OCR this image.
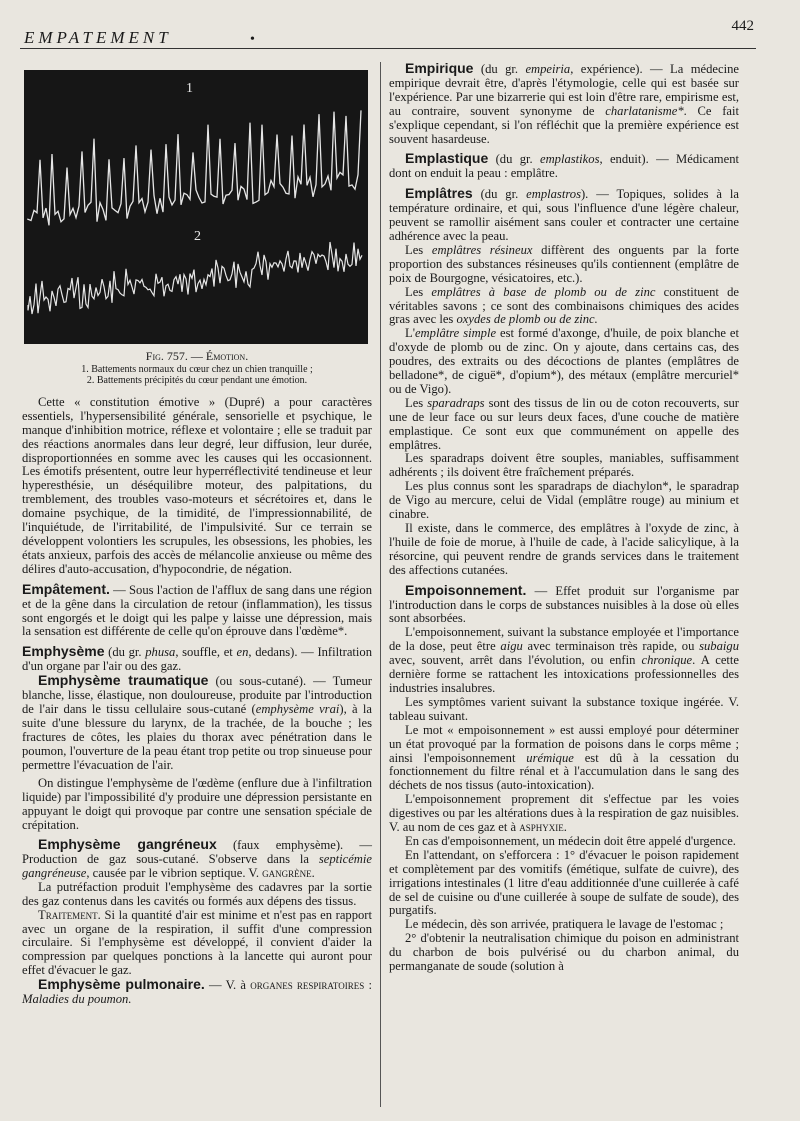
EMPATEMENT	•
442
1
2
Fig. 757. — Émotion.
1. Battements normaux du cœur chez un chien tranquille ;
2. Battements précipités du cœur pendant une émotion.

Cette « constitution émotive » (Dupré) a pour caractères essentiels, l'hypersensibilité générale, sensorielle et psychique, le manque d'inhibition motrice, réflexe et volontaire ; elle se traduit par des réactions anormales dans leur degré, leur diffusion, leur durée, disproportionnées en somme avec les causes qui les occasionnent. Les émotifs présentent, outre leur hyperréflectivité tendineuse et leur hyperesthésie, un déséquilibre moteur, des palpitations, du tremblement, des troubles vaso-moteurs et sécrétoires et, dans le domaine psychique, de la timidité, de l'impressionnabilité, de l'inquiétude, de l'irritabilité, de l'impulsivité. Sur ce terrain se développent volontiers les scrupules, les obsessions, les phobies, les états anxieux, parfois des accès de mélancolie anxieuse ou même des délires d'auto-accusation, d'hypocondrie, de négation.

Empâtement. — Sous l'action de l'afflux de sang dans une région et de la gêne dans la circulation de retour (inflammation), les tissus sont engorgés et le doigt qui les palpe y laisse une dépression, mais la sensation est différente de celle qu'on éprouve dans l'œdème*.

Emphysème (du gr. phusa, souffle, et en, dedans). — Infiltration d'un organe par l'air ou des gaz.

Emphysème traumatique (ou sous-cutané). — Tumeur blanche, lisse, élastique, non douloureuse, produite par l'introduction de l'air dans le tissu cellulaire sous-cutané (emphysème vrai), à la suite d'une blessure du larynx, de la trachée, de la bouche ; les fractures de côtes, les plaies du thorax avec pénétration dans le poumon, l'ouverture de la peau étant trop petite ou trop sinueuse pour permettre l'évacuation de l'air.

On distingue l'emphysème de l'œdème (enflure due à l'infiltration liquide) par l'impossibilité d'y produire une dépression persistante en appuyant le doigt qui provoque par contre une sensation spéciale de crépitation.

Emphysème gangréneux (faux emphysème). — Production de gaz sous-cutané. S'observe dans la septicémie gangréneuse, causée par le vibrion septique. V. gangrène.

La putréfaction produit l'emphysème des cadavres par la sortie des gaz contenus dans les cavités ou formés aux dépens des tissus.

Traitement. Si la quantité d'air est minime et n'est pas en rapport avec un organe de la respiration, il suffit d'une compression circulaire. Si l'emphysème est développé, il convient d'aider la compression par quelques ponctions à la lancette qui auront pour effet d'évacuer le gaz.

Emphysème pulmonaire. — V. à organes respiratoires : Maladies du poumon.

Empirique (du gr. empeiria, expérience). — La médecine empirique devrait être, d'après l'étymologie, celle qui est basée sur l'expérience. Par une bizarrerie qui est loin d'être rare, empirisme est, au contraire, souvent synonyme de charlatanisme*. Ce fait s'explique cependant, si l'on réfléchit que la première expérience est souvent hasardeuse.

Emplastique (du gr. emplastikos, enduit). — Médicament dont on enduit la peau : emplâtre.

Emplâtres (du gr. emplastros). — Topiques, solides à la température ordinaire, et qui, sous l'influence d'une légère chaleur, peuvent se ramollir aisément sans couler et contracter une certaine adhérence avec la peau.

Les emplâtres résineux diffèrent des onguents par la forte proportion des substances résineuses qu'ils contiennent (emplâtre de poix de Bourgogne, vésicatoires, etc.).

Les emplâtres à base de plomb ou de zinc constituent de véritables savons ; ce sont des combinaisons chimiques des acides gras avec les oxydes de plomb ou de zinc.

L'emplâtre simple est formé d'axonge, d'huile, de poix blanche et d'oxyde de plomb ou de zinc. On y ajoute, dans certains cas, des poudres, des extraits ou des décoctions de plantes (emplâtres de belladone*, de ciguë*, d'opium*), des métaux (emplâtre mercuriel* ou de Vigo).

Les sparadraps sont des tissus de lin ou de coton recouverts, sur une de leur face ou sur leurs deux faces, d'une couche de matière emplastique. Ce sont eux que communément on appelle des emplâtres.

Les sparadraps doivent être souples, maniables, suffisamment adhérents ; ils doivent être fraîchement préparés.

Les plus connus sont les sparadraps de diachylon*, le sparadrap de Vigo au mercure, celui de Vidal (emplâtre rouge) au minium et cinabre.

Il existe, dans le commerce, des emplâtres à l'oxyde de zinc, à l'huile de foie de morue, à l'huile de cade, à l'acide salicylique, à la résorcine, qui peuvent rendre de grands services dans le traitement des affections cutanées.

Empoisonnement. — Effet produit sur l'organisme par l'introduction dans le corps de substances nuisibles à la dose où elles sont absorbées.

L'empoisonnement, suivant la substance employée et l'importance de la dose, peut être aigu avec terminaison très rapide, ou subaigu avec, souvent, arrêt dans l'évolution, ou enfin chronique. A cette dernière forme se rattachent les intoxications professionnelles des industries insalubres.

Les symptômes varient suivant la substance toxique ingérée. V. tableau suivant.

Le mot « empoisonnement » est aussi employé pour déterminer un état provoqué par la formation de poisons dans le corps même ; ainsi l'empoisonnement urémique est dû à la cessation du fonctionnement du filtre rénal et à l'accumulation dans le sang des déchets de nos tissus (auto-intoxication).

L'empoisonnement proprement dit s'effectue par les voies digestives ou par les altérations dues à la respiration de gaz nuisibles. V. au nom de ces gaz et à asphyxie.

En cas d'empoisonnement, un médecin doit être appelé d'urgence.

En l'attendant, on s'efforcera : 1° d'évacuer le poison rapidement et complètement par des vomitifs (émétique, sulfate de cuivre), des irrigations intestinales (1 litre d'eau additionnée d'une cuillerée à café de sel de cuisine ou d'une cuillerée à soupe de sulfate de soude), des purgatifs.

Le médecin, dès son arrivée, pratiquera le lavage de l'estomac ;

2° d'obtenir la neutralisation chimique du poison en administrant du charbon de bois pulvérisé ou du charbon animal, du permanganate de soude (solution à
